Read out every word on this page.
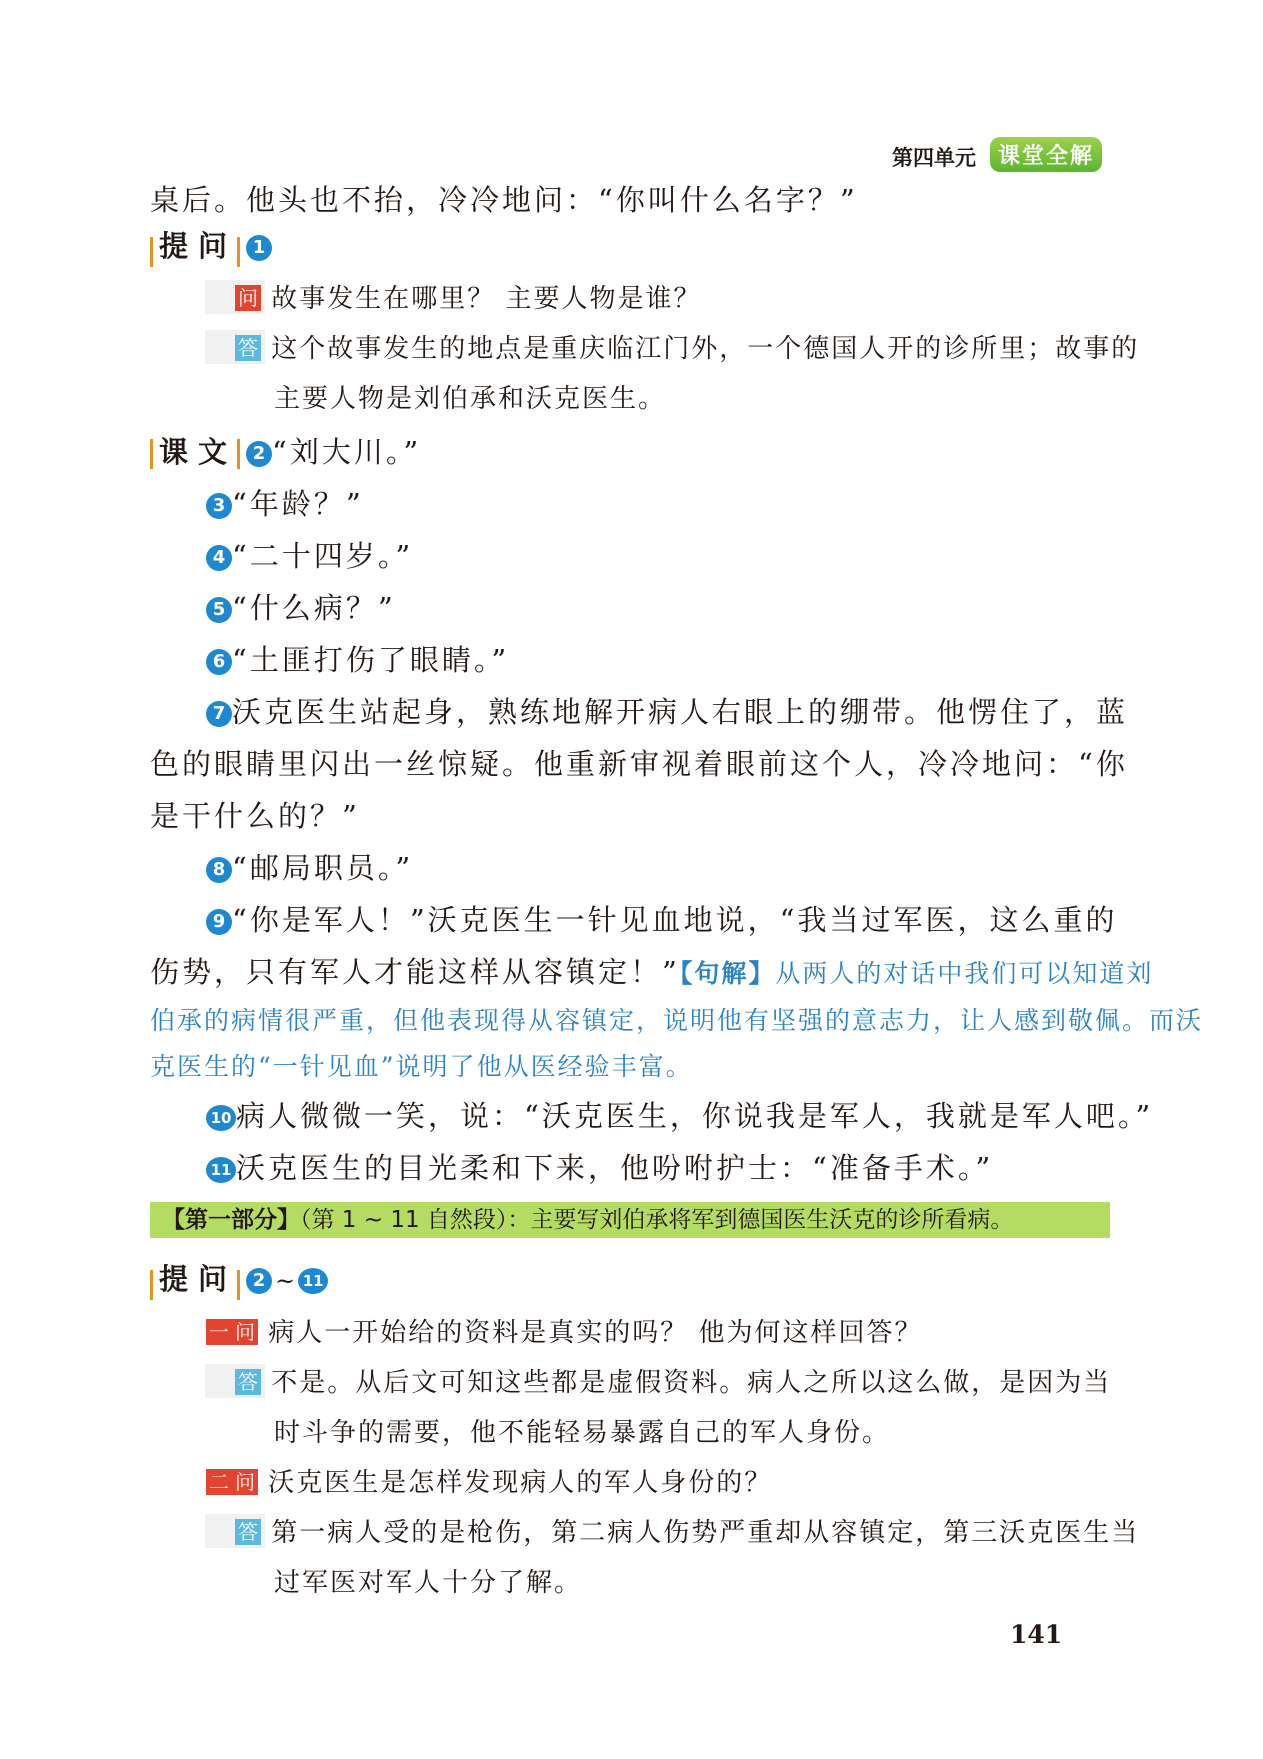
第四单元	课堂全解
桌后。他头也不抬，冷冷地问：“你叫什么名字？”
提问 1
问 故事发生在哪里？ 主要人物是谁？
答 这个故事发生的地点是重庆临江门外，一个德国人开的诊所里；故事的
主要人物是刘伯承和沃克医生。
课文 2 “刘大川。”
3 “年龄？”
4 “二十四岁。”
5 “什么病？”
6 “土匪打伤了眼睛。”
7 沃克医生站起身，熟练地解开病人右眼上的绷带。他愣住了，蓝
色的眼睛里闪出一丝惊疑。他重新审视着眼前这个人，冷冷地问：“你
是干什么的？”
8 “邮局职员。”
9 “你是军人！”沃克医生一针见血地说，“我当过军医，这么重的
伤势，只有军人才能这样从容镇定！”【句解】从两人的对话中我们可以知道刘
伯承的病情很严重，但他表现得从容镇定，说明他有坚强的意志力，让人感到敬佩。而沃
克医生的“一针见血”说明了他从医经验丰富。
10 病人微微一笑，说：“沃克医生，你说我是军人，我就是军人吧。”
11 沃克医生的目光柔和下来，他吩咐护士：“准备手术。”
【第一部分】（第 1 ~ 11 自然段）：主要写刘伯承将军到德国医生沃克的诊所看病。
提问 2 ~ 11
一 问 病人一开始给的资料是真实的吗？ 他为何这样回答？
答 不是。从后文可知这些都是虚假资料。病人之所以这么做，是因为当
时斗争的需要，他不能轻易暴露自己的军人身份。
二 问 沃克医生是怎样发现病人的军人身份的？
答 第一病人受的是枪伤，第二病人伤势严重却从容镇定，第三沃克医生当
过军医对军人十分了解。
141
